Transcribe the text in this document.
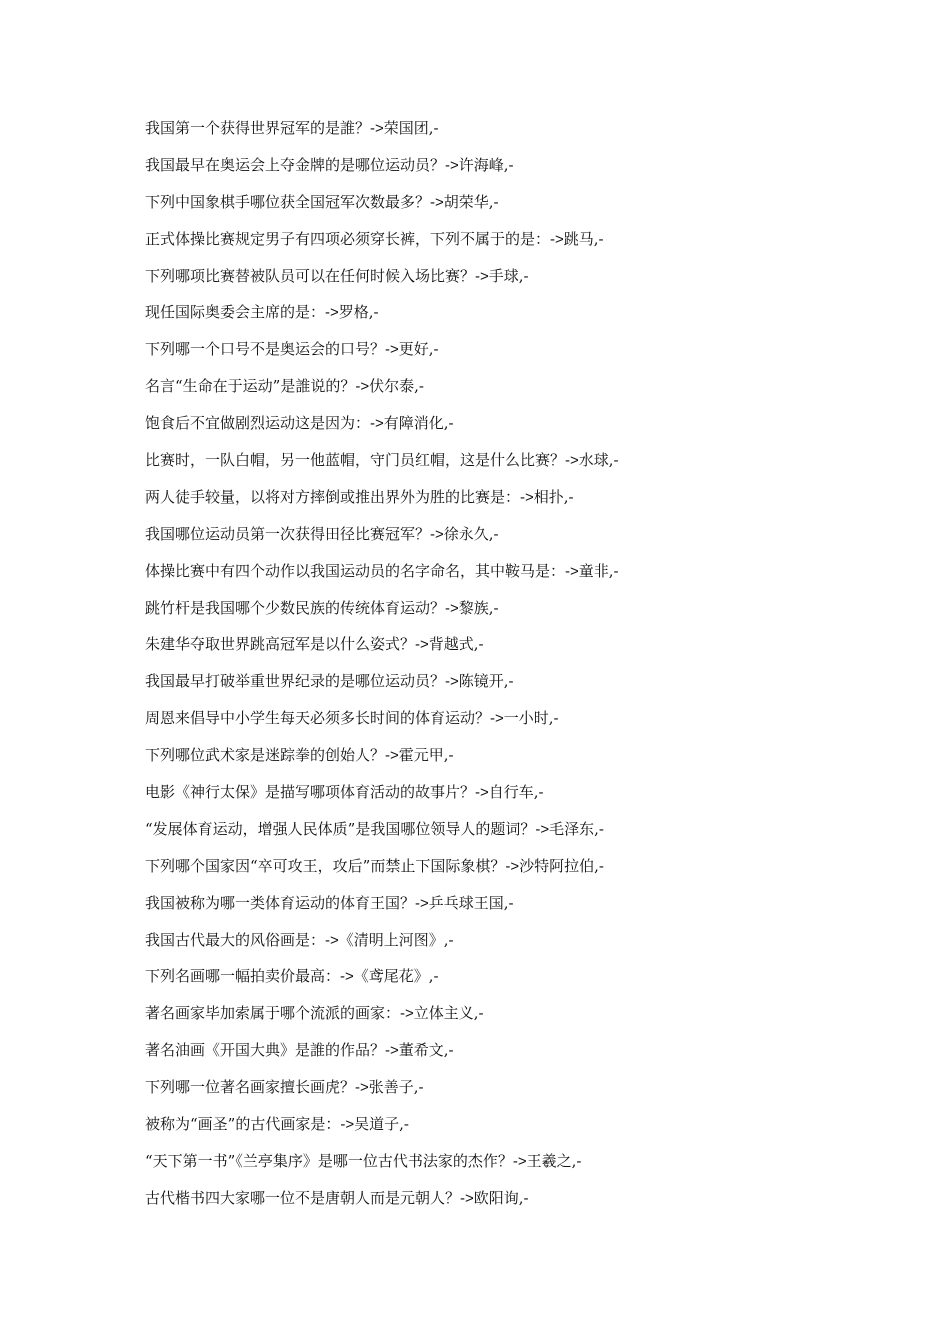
我国第一个获得世界冠军的是誰？->荣国团,-
我国最早在奥运会上夺金牌的是哪位运动员？->许海峰,-
下列中国象棋手哪位获全国冠军次数最多？->胡荣华,-
正式体操比赛规定男子有四项必须穿长裤，下列不属于的是：->跳马,-
下列哪项比赛替被队员可以在任何时候入场比赛？->手球,-
现任国际奥委会主席的是：->罗格,-
下列哪一个口号不是奥运会的口号？->更好,-
名言“生命在于运动”是誰说的？->伏尔泰,-
饱食后不宜做剧烈运动这是因为：->有障消化,-
比赛时，一队白帽，另一他蓝帽，守门员红帽，这是什么比赛？->水球,-
两人徒手较量，以将对方摔倒或推出界外为胜的比赛是：->相扑,-
我国哪位运动员第一次获得田径比赛冠军？->徐永久,-
体操比赛中有四个动作以我国运动员的名字命名，其中鞍马是：->童非,-
跳竹杆是我国哪个少数民族的传统体育运动？->黎族,-
朱建华夺取世界跳高冠军是以什么姿式？->背越式,-
我国最早打破举重世界纪录的是哪位运动员？->陈镜开,-
周恩来倡导中小学生每天必须多长时间的体育运动？->一小时,-
下列哪位武术家是迷踪拳的创始人？->霍元甲,-
电影《神行太保》是描写哪项体育活动的故事片？->自行车,-
“发展体育运动，增强人民体质”是我国哪位领导人的题词？->毛泽东,-
下列哪个国家因“卒可攻王，攻后”而禁止下国际象棋？->沙特阿拉伯,-
我国被称为哪一类体育运动的体育王国？->乒乓球王国,-
我国古代最大的风俗画是：->《清明上河图》,-
下列名画哪一幅拍卖价最高：->《鸢尾花》,-
著名画家毕加索属于哪个流派的画家：->立体主义,-
著名油画《开国大典》是誰的作品？->董希文,-
下列哪一位著名画家擅长画虎？->张善子,-
被称为“画圣”的古代画家是：->吴道子,-
“天下第一书”《兰亭集序》是哪一位古代书法家的杰作？->王羲之,-
古代楷书四大家哪一位不是唐朝人而是元朝人？->欧阳询,-
